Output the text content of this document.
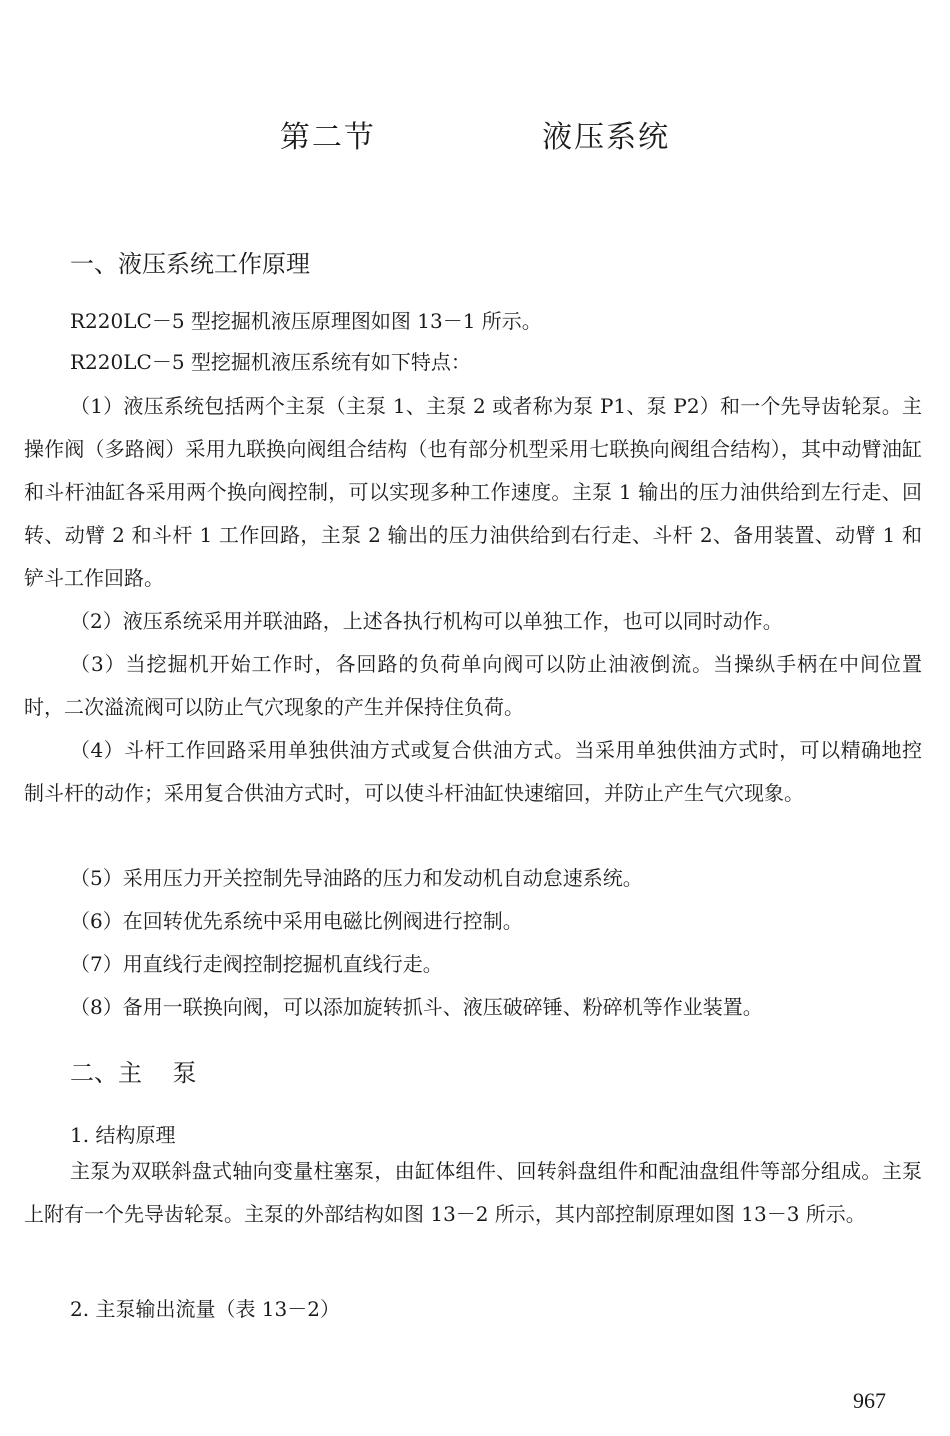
第二节    液压系统
一、液压系统工作原理
R220LC－5 型挖掘机液压原理图如图 13－1 所示。
R220LC－5 型挖掘机液压系统有如下特点：
（1）液压系统包括两个主泵（主泵 1、主泵 2 或者称为泵 P1、泵 P2）和一个先导齿轮泵。主操作阀（多路阀）采用九联换向阀组合结构（也有部分机型采用七联换向阀组合结构），其中动臂油缸和斗杆油缸各采用两个换向阀控制，可以实现多种工作速度。主泵 1 输出的压力油供给到左行走、回转、动臂 2 和斗杆 1 工作回路，主泵 2 输出的压力油供给到右行走、斗杆 2、备用装置、动臂 1 和铲斗工作回路。
（2）液压系统采用并联油路，上述各执行机构可以单独工作，也可以同时动作。
（3）当挖掘机开始工作时，各回路的负荷单向阀可以防止油液倒流。当操纵手柄在中间位置时，二次溢流阀可以防止气穴现象的产生并保持住负荷。
（4）斗杆工作回路采用单独供油方式或复合供油方式。当采用单独供油方式时，可以精确地控制斗杆的动作；采用复合供油方式时，可以使斗杆油缸快速缩回，并防止产生气穴现象。
（5）采用压力开关控制先导油路的压力和发动机自动怠速系统。
（6）在回转优先系统中采用电磁比例阀进行控制。
（7）用直线行走阀控制挖掘机直线行走。
（8）备用一联换向阀，可以添加旋转抓斗、液压破碎锤、粉碎机等作业装置。
二、主    泵
1. 结构原理
主泵为双联斜盘式轴向变量柱塞泵，由缸体组件、回转斜盘组件和配油盘组件等部分组成。主泵上附有一个先导齿轮泵。主泵的外部结构如图 13－2 所示，其内部控制原理如图 13－3 所示。
2. 主泵输出流量（表 13－2）
967
